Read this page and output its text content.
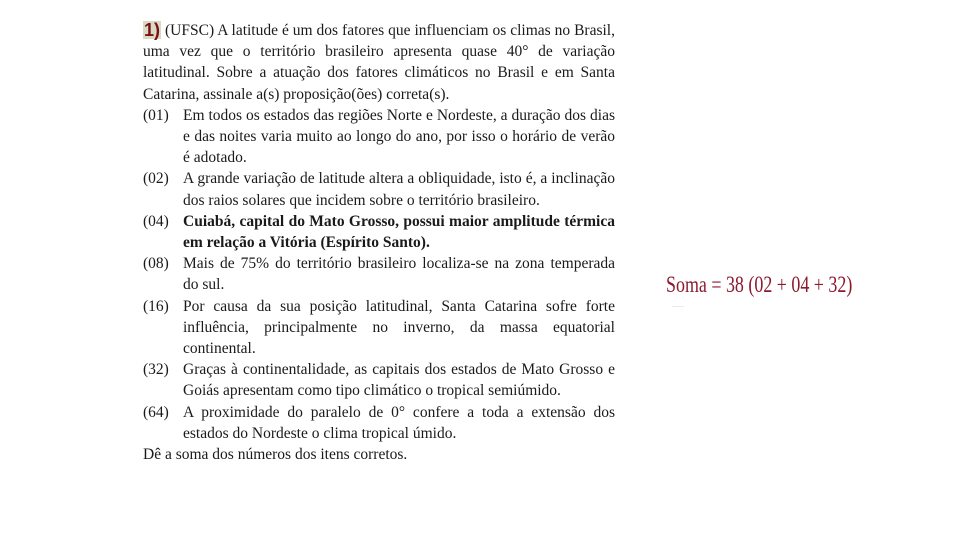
1) (UFSC) A latitude é um dos fatores que influenciam os climas no Brasil, uma vez que o território brasileiro apresenta quase 40° de variação latitudinal. Sobre a atuação dos fatores climáticos no Brasil e em Santa Catarina, assinale a(s) proposição(ões) correta(s).
(01) Em todos os estados das regiões Norte e Nordeste, a duração dos dias e das noites varia muito ao longo do ano, por isso o horário de verão é adotado.
(02) A grande variação de latitude altera a obliquidade, isto é, a inclinação dos raios solares que incidem sobre o território brasileiro.
(04) Cuiabá, capital do Mato Grosso, possui maior amplitude térmica em relação a Vitória (Espírito Santo).
(08) Mais de 75% do território brasileiro localiza-se na zona temperada do sul.
(16) Por causa da sua posição latitudinal, Santa Catarina sofre forte influência, principalmente no inverno, da massa equatorial continental.
(32) Graças à continentalidade, as capitais dos estados de Mato Grosso e Goiás apresentam como tipo climático o tropical semiúmido.
(64) A proximidade do paralelo de 0° confere a toda a extensão dos estados do Nordeste o clima tropical úmido.
Dê a soma dos números dos itens corretos.
Soma = 38 (02 + 04 + 32)
